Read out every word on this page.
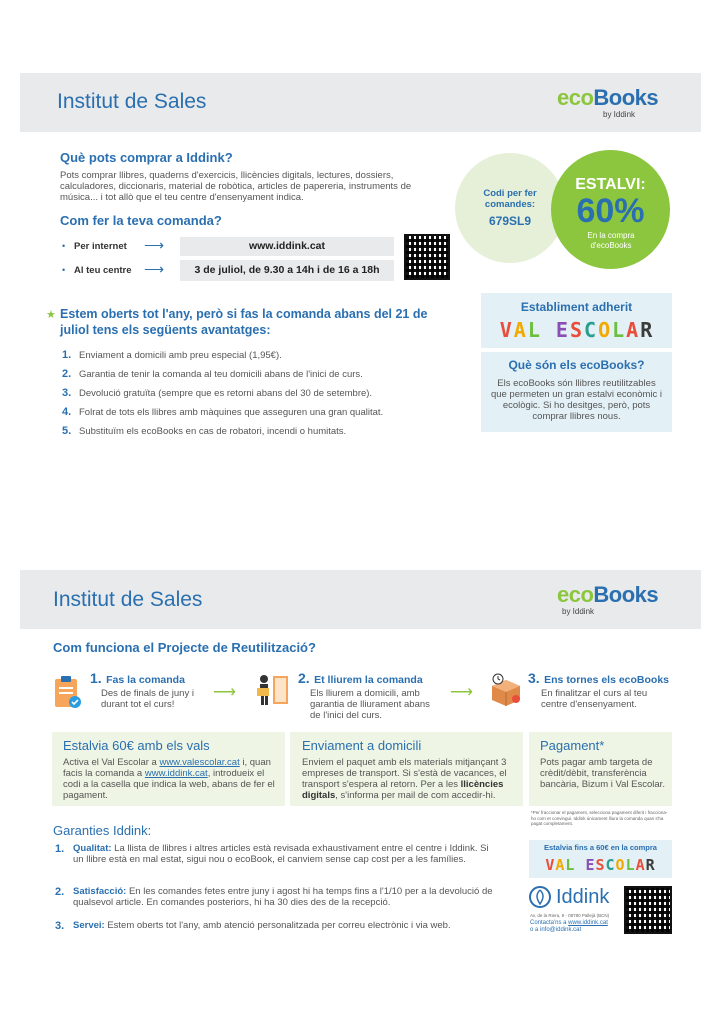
Institut de Sales	ecoBooks
by Iddink
Què pots comprar a Iddink?
Pots comprar llibres, quaderns d'exercicis, llicències digitals, lectures, dossiers, calculadores, diccionaris, material de robòtica, articles de papereria, instruments de música... i tot allò que el teu centre d'ensenyament indica.
Com fer la teva comanda?
• Per internet ⟶	www.iddink.cat
• Al teu centre ⟶	3 de juliol, de 9.30 a 14h i de 16 a 18h
Codi per fer comandes:
679SL9
ESTALVI:
60%
En la compra d'ecoBooks
★ Estem oberts tot l'any, però si fas la comanda abans del 21 de juliol tens els següents avantatges:
1. Enviament a domicili amb preu especial (1,95€).
2. Garantia de tenir la comanda al teu domicili abans de l'inici de curs.
3. Devolució gratuïta (sempre que es retorni abans del 30 de setembre).
4. Folrat de tots els llibres amb màquines que asseguren una gran qualitat.
5. Substituïm els ecoBooks en cas de robatori, incendi o humitats.
Establiment adherit
VAL ESCOLAR
Què són els ecoBooks?
Els ecoBooks són llibres reutilitzables que permeten un gran estalvi econòmic i ecològic. Si ho desitges, però, pots comprar llibres nous.
Institut de Sales	ecoBooks
by Iddink
Com funciona el Projecte de Reutilització?
1. Fas la comanda
Des de finals de juny i durant tot el curs!
⟶
2. Et lliurem la comanda
Els lliurem a domicili, amb garantia de lliurament abans de l'inici del curs.
⟶
3. Ens tornes els ecoBooks
En finalitzar el curs al teu centre d'ensenyament.
Estalvia 60€ amb els vals
Activa el Val Escolar a www.valescolar.cat i, quan facis la comanda a www.iddink.cat, introdueix el codi a la casella que indica la web, abans de fer el pagament.
Enviament a domicili
Enviem el paquet amb els materials mitjançant 3 empreses de transport. Si s'està de vacances, el transport s'espera al retorn. Per a les llicències digitals, s'informa per mail de com accedir-hi.
Pagament*
Pots pagar amb targeta de crèdit/dèbit, transferència bancària, Bizum i Val Escolar.
*Per fraccionar el pagament, selecciona pagament diferit i fracciona-ho com et convingui. Iddink únicament lliura la comanda quan s'ha pagat completament.
Garanties Iddink:
1. Qualitat: La llista de llibres i altres articles està revisada exhaustivament entre el centre i Iddink. Si un llibre està en mal estat, sigui nou o ecoBook, el canviem sense cap cost per a les famílies.
2. Satisfacció: En les comandes fetes entre juny i agost hi ha temps fins a l'1/10 per a la devolució de qualsevol article. En comandes posteriors, hi ha 30 dies des de la recepció.
3. Servei: Estem oberts tot l'any, amb atenció personalitzada per correu electrònic i via web.
Estalvia fins a 60€ en la compra
VAL ESCOLAR
Iddink
Av. de la Riera, 9 · 08780 Pallejà (BCN)
Contacta'ns a www.iddink.cat
o a info@iddink.cat
